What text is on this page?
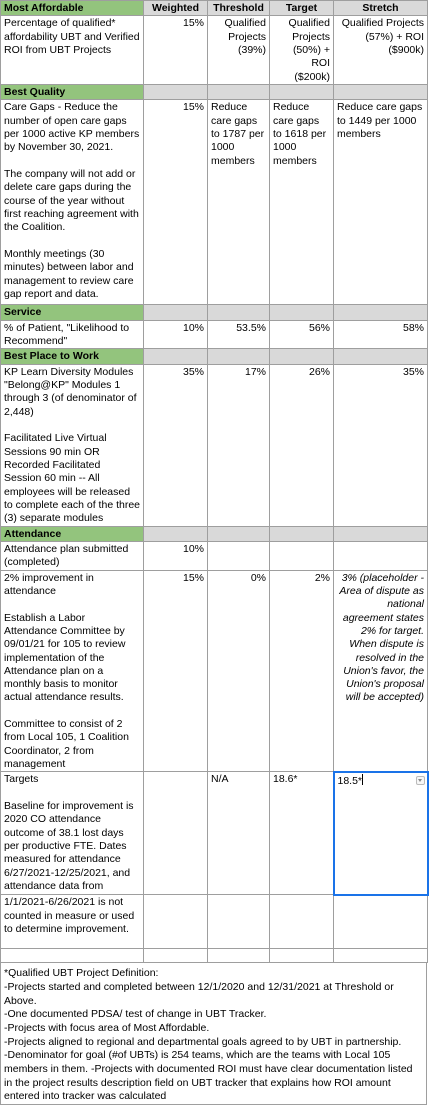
Most Affordable	Weighted	Threshold	Target	Stretch
Percentage of qualified* affordability UBT and Verified ROI from UBT Projects	15%	Qualified Projects (39%)	Qualified Projects (50%) + ROI ($200k)	Qualified Projects (57%) + ROI ($900k)
Best Quality				
Care Gaps - Reduce the number of open care gaps per 1000 active KP members by November 30, 2021.

The company will not add or delete care gaps during the course of the year without first reaching agreement with the Coalition.

Monthly meetings (30 minutes) between labor and management to review care gap report and data.	15%	Reduce care gaps to 1787 per 1000 members	Reduce care gaps to 1618 per 1000 members	Reduce care gaps to 1449 per 1000 members
Service				
% of Patient, "Likelihood to Recommend"	10%	53.5%	56%	58%
Best Place to Work				
KP Learn Diversity Modules "Belong@KP" Modules 1 through 3 (of denominator of 2,448)

Facilitated Live Virtual Sessions 90 min OR Recorded Facilitated Session 60 min -- All employees will be released to complete each of the three (3) separate modules	35%	17%	26%	35%
Attendance				
Attendance plan submitted (completed)	10%			
2% improvement in attendance

Establish a Labor Attendance Committee by 09/01/21 for 105 to review implementation of the Attendance plan on a monthly basis to monitor actual attendance results.

Committee to consist of 2 from Local 105, 1 Coalition Coordinator, 2 from management	15%	0%	2%	3% (placeholder - Area of dispute as national agreement states 2% for target. When dispute is resolved in the Union's favor, the Union's proposal will be accepted)
Targets

Baseline for improvement is 2020 CO attendance outcome of 38.1 lost days per productive FTE. Dates measured for attendance 6/27/2021-12/25/2021, and attendance data from		N/A	18.6*	18.5*

1/1/2021-6/26/2021 is not counted in measure or used to determine improvement.				

*Qualified UBT Project Definition:

-Projects started and completed between 12/1/2020 and 12/31/2021 at Threshold or Above.

-One documented PDSA/ test of change in UBT Tracker.

-Projects with focus area of Most Affordable.

-Projects aligned to regional and departmental goals agreed to by UBT in partnership.

-Denominator for goal (#of UBTs) is 254 teams, which are the teams with Local 105 members in them. -Projects with documented ROI must have clear documentation listed in the project results description field on UBT tracker that explains how ROI amount entered into tracker was calculated
